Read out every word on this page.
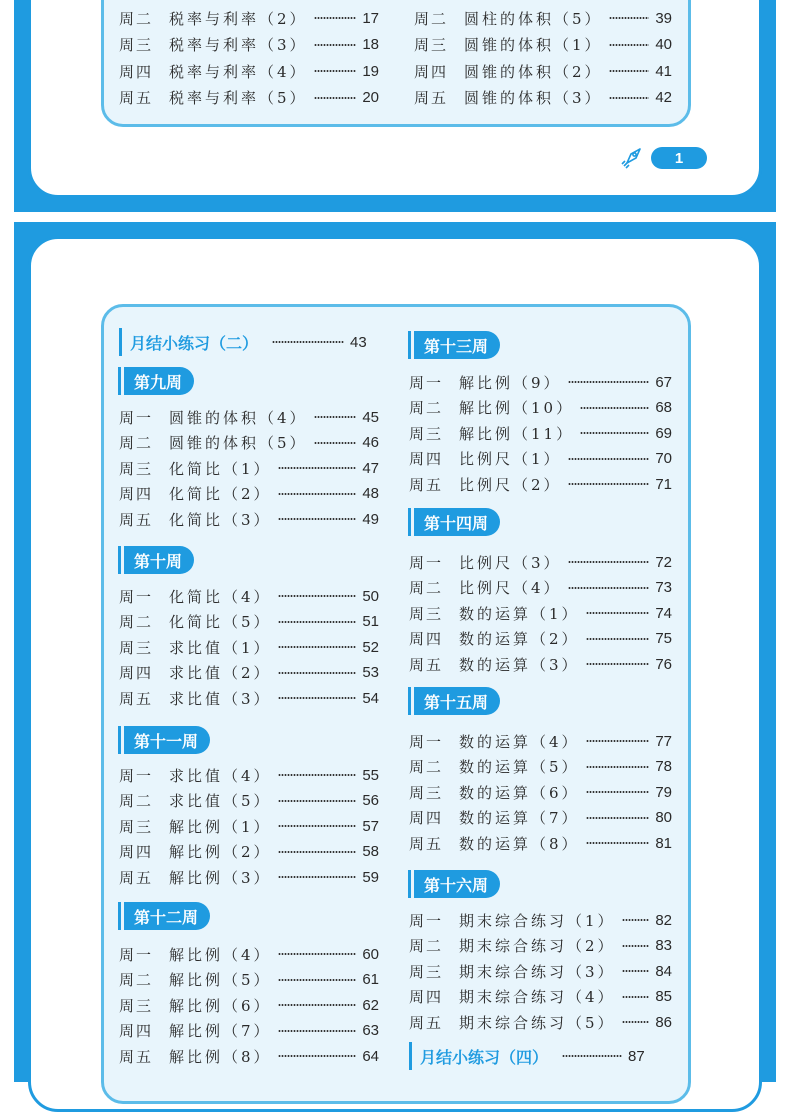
周二	税率与利率（2）	17
周三	税率与利率（3）	18
周四	税率与利率（4）	19
周五	税率与利率（5）	20
周二	圆柱的体积（5）	39
周三	圆锥的体积（1）	40
周四	圆锥的体积（2）	41
周五	圆锥的体积（3）	42
1
月结小练习（二）	43
第九周
周一	圆锥的体积（4）	45
周二	圆锥的体积（5）	46
周三	化简比（1）	47
周四	化简比（2）	48
周五	化简比（3）	49
第十周
周一	化简比（4）	50
周二	化简比（5）	51
周三	求比值（1）	52
周四	求比值（2）	53
周五	求比值（3）	54
第十一周
周一	求比值（4）	55
周二	求比值（5）	56
周三	解比例（1）	57
周四	解比例（2）	58
周五	解比例（3）	59
第十二周
周一	解比例（4）	60
周二	解比例（5）	61
周三	解比例（6）	62
周四	解比例（7）	63
周五	解比例（8）	64
第十三周
周一	解比例（9）	67
周二	解比例（10）	68
周三	解比例（11）	69
周四	比例尺（1）	70
周五	比例尺（2）	71
第十四周
周一	比例尺（3）	72
周二	比例尺（4）	73
周三	数的运算（1）	74
周四	数的运算（2）	75
周五	数的运算（3）	76
第十五周
周一	数的运算（4）	77
周二	数的运算（5）	78
周三	数的运算（6）	79
周四	数的运算（7）	80
周五	数的运算（8）	81
第十六周
周一	期末综合练习（1）	82
周二	期末综合练习（2）	83
周三	期末综合练习（3）	84
周四	期末综合练习（4）	85
周五	期末综合练习（5）	86
月结小练习（四）	87
